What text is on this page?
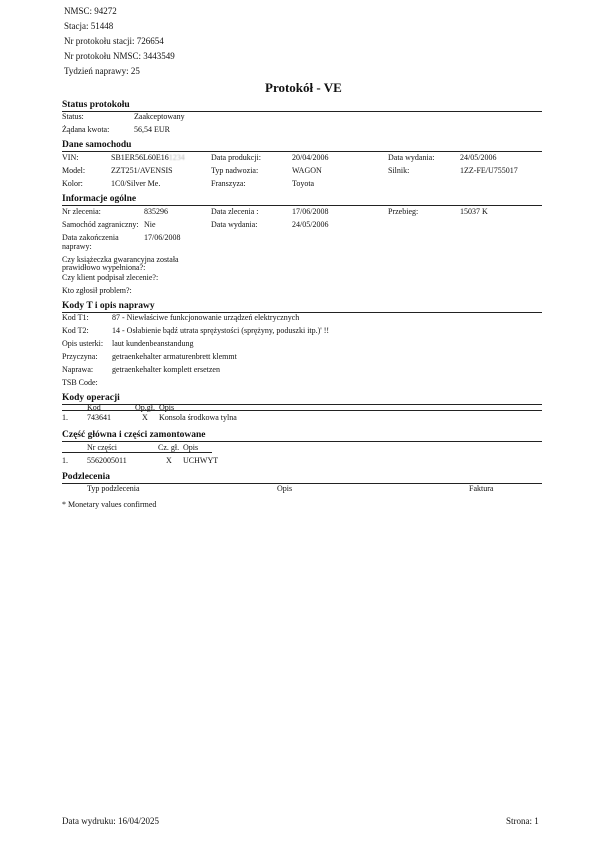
NMSC: 94272
Stacja: 51448
Nr protokołu stacji: 726654
Nr protokołu NMSC: 3443549
Tydzień naprawy: 25
Protokół - VE
Status protokołu
Status:	Zaakceptowany
Żądana kwota:	56,54 EUR
Dane samochodu
VIN:	SB1ER56L60E161234	Data produkcji:	20/04/2006	Data wydania:	24/05/2006
Model:	ZZT251/AVENSIS	Typ nadwozia:	WAGON	Silnik:	1ZZ-FE/U755017
Kolor:	1C0/Silver Me.	Franszyza:	Toyota
Informacje ogólne
Nr zlecenia:	835296	Data zlecenia :	17/06/2008	Przebieg:	15037 K
Samochód zagraniczny: Nie	Data wydania:	24/05/2006
Data zakończenia
naprawy:
17/06/2008
Czy książeczka gwarancyjna została
prawidłowo wypełniona?:
Czy klient podpisał zlecenie?:
Kto zgłosił problem?:
Kody T i opis naprawy
Kod T1:	87 - Niewłaściwe funkcjonowanie urządzeń elektrycznych
Kod T2:	14 - Osłabienie bądź utrata sprężystości (sprężyny, poduszki itp.)' !!
Opis usterki: laut kundenbeanstandung
Przyczyna: getraenkehalter armaturenbrett klemmt
Naprawa: getraenkehalter komplett ersetzen
TSB Code:
Kody operacji
Kod	Op.gł. Opis
1. 743641	X Konsola środkowa tylna
Część główna i części zamontowane
Nr części	Cz. gł. Opis
1. 5562005011	X UCHWYT
Podzlecenia
Typ podzlecenia	Opis	Faktura
* Monetary values confirmed
Data wydruku: 16/04/2025	Strona: 1
